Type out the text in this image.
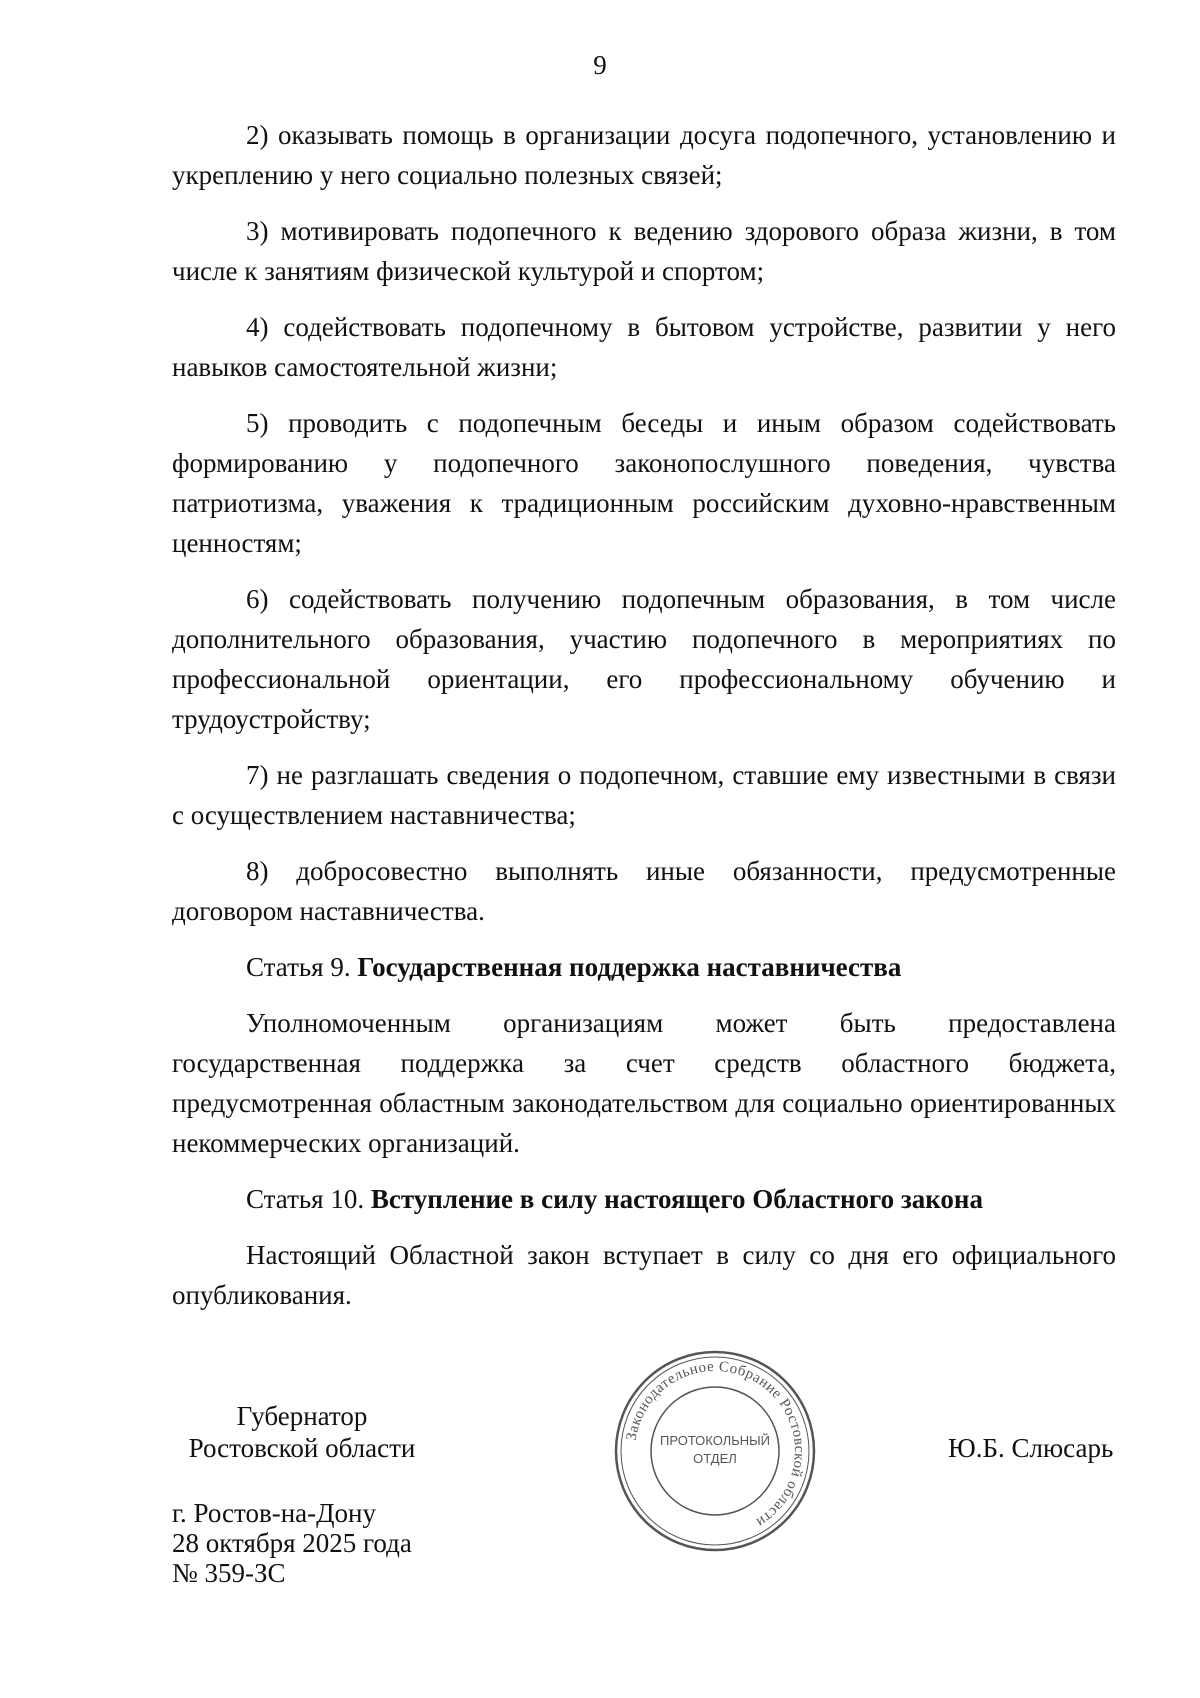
9

2) оказывать помощь в организации досуга подопечного, установлению и укреплению у него социально полезных связей;

3) мотивировать подопечного к ведению здорового образа жизни, в том числе к занятиям физической культурой и спортом;

4) содействовать подопечному в бытовом устройстве, развитии у него навыков самостоятельной жизни;

5) проводить с подопечным беседы и иным образом содействовать формированию у подопечного законопослушного поведения, чувства патриотизма, уважения к традиционным российским духовно-нравственным ценностям;

6) содействовать получению подопечным образования, в том числе дополнительного образования, участию подопечного в мероприятиях по профессиональной ориентации, его профессиональному обучению и трудоустройству;

7) не разглашать сведения о подопечном, ставшие ему известными в связи с осуществлением наставничества;

8) добросовестно выполнять иные обязанности, предусмотренные договором наставничества.

Статья 9. Государственная поддержка наставничества

Уполномоченным организациям может быть предоставлена государственная поддержка за счет средств областного бюджета, предусмотренная областным законодательством для социально ориентированных некоммерческих организаций.

Статья 10. Вступление в силу настоящего Областного закона

Настоящий Областной закон вступает в силу со дня его официального опубликования.

Губернатор
Ростовской области	Ю.Б. Слюсарь
г. Ростов-на-Дону
28 октября 2025 года
№ 359-ЗС
Законодательное Собрание Ростовской области
ПРОТОКОЛЬНЫЙ
ОТДЕЛ
